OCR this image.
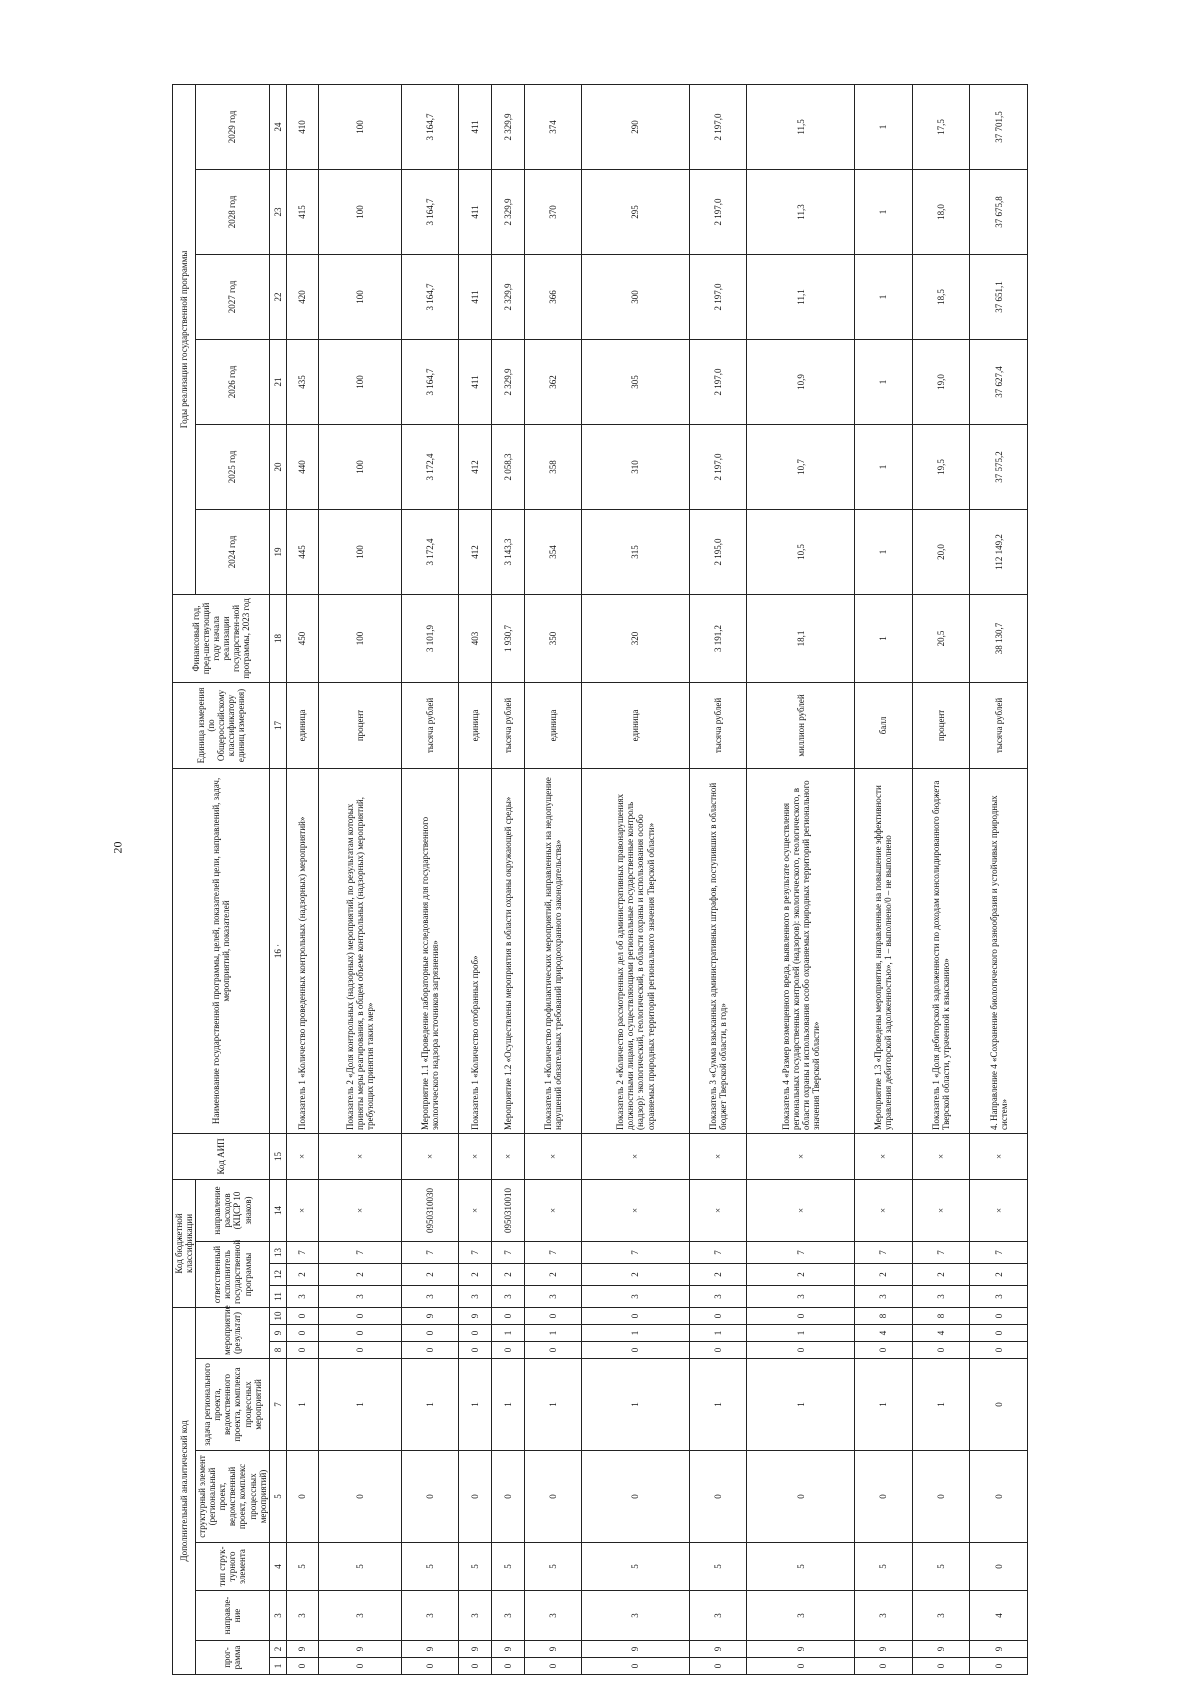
20
Дополнительный аналитический код									Код бюджетной классификации				Код АИП	Наименование государственной программы, целей, показателей цели, направлений, задач, мероприятий, показателей	Единица измерения (по Общероссийскому классификатору единиц измерения)	Финансовый год, пред-шествующий году начала реализации государствен-ной программы, 2023 год	Годы реализации государственной программы					
прог-рамма		направле-ние	тип струк-турного элемента	структурный элемент (региональный проект, ведомственный проект, комплекс процессных мероприятий)	задача регионального проекта, ведомственного проекта, комплекса процессных мероприятий	мероприятие (результат)			ответственный исполнитель государственной программы			направление расходов (КЦСР 10 знаков)					2024 год	2025 год	2026 год	2027 год	2028 год	2029 год
1	2	3	4	5	7	8	9	10	11	12	13	14	15	16 ·	17	18	19	20	21	22	23	24
0	9	3	5	0	1	0	0	0	3	2	7	×	×	Показатель 1 «Количество проведенных контрольных (надзорных) мероприятий»	единица	450	445	440	435	420	415	410
0	9	3	5	0	1	0	0	0	3	2	7	×	×	Показатель 2 «Доля контрольных (надзорных) мероприятий, по результатам которых приняты меры реагирования, в общем объеме контрольных (надзорных) мероприятий, требующих принятия таких мер»	процент	100	100	100	100	100	100	100
0	9	3	5	0	1	0	0	9	3	2	7	0950310030	×	Мероприятие 1.1 «Проведение лабораторные исследования для государственного экологического надзора источников загрязнения»	тысяча рублей	3 101,9	3 172,4	3 172,4	3 164,7	3 164,7	3 164,7	3 164,7
0	9	3	5	0	1	0	0	9	3	2	7	×	×	Показатель 1 «Количество отобранных проб»	единица	403	412	412	411	411	411	411
0	9	3	5	0	1	0	1	0	3	2	7	0950310010	×	Мероприятие 1.2 «Осуществлены мероприятия в области охраны окружающей среды»	тысяча рублей	1 930,7	3 143,3	2 058,3	2 329,9	2 329,9	2 329,9	2 329,9
0	9	3	5	0	1	0	1	0	3	2	7	×	×	Показатель 1 «Количество профилактических мероприятий, направленных на недопущение нарушений обязательных требований природоохранного законодательства»	единица	350	354	358	362	366	370	374
0	9	3	5	0	1	0	1	0	3	2	7	×	×	Показатель 2 «Количество рассмотренных дел об административных правонарушениях должностными лицами, осуществляющими региональные государственные контроль (надзор): экологический, геологический, в области охраны и использования особо охраняемых природных территорий регионального значения Тверской области»	единица	320	315	310	305	300	295	290
0	9	3	5	0	1	0	1	0	3	2	7	×	×	Показатель 3 «Сумма взысканных административных штрафов, поступивших в областной бюджет Тверской области, в год»	тысяча рублей	3 191,2	2 195,0	2 197,0	2 197,0	2 197,0	2 197,0	2 197,0
0	9	3	5	0	1	0	1	0	3	2	7	×	×	Показатель 4 «Размер возмещенного вреда, выявленного в результате осуществления региональных государственных контролей (надзоров): экологического, геологического, в области охраны и использования особо охраняемых природных территорий регионального значения Тверской области»	миллион рублей	18,1	10,5	10,7	10,9	11,1	11,3	11,5
0	9	3	5	0	1	0	4	8	3	2	7	×	×	Мероприятие 1.3 «Проведены мероприятия, направленные на повышение эффективности управления дебиторской задолженностью», 1 – выполнено/0 – не выполнено	балл	1	1	1	1	1	1	1
0	9	3	5	0	1	0	4	8	3	2	7	×	×	Показатель 1 «Доля дебиторской задолженности по доходам консолидированного бюджета Тверской области, утраченной к взысканию»	процент	20,5	20,0	19,5	19,0	18,5	18,0	17,5
0	9	4	0	0	0	0	0	0	3	2	7	×	×	4. Направление 4 «Сохранение биологического разнообразия и устойчивых природных систем»	тысяча рублей	38 130,7	112 149,2	37 575,2	37 627,4	37 651,1	37 675,8	37 701,5
